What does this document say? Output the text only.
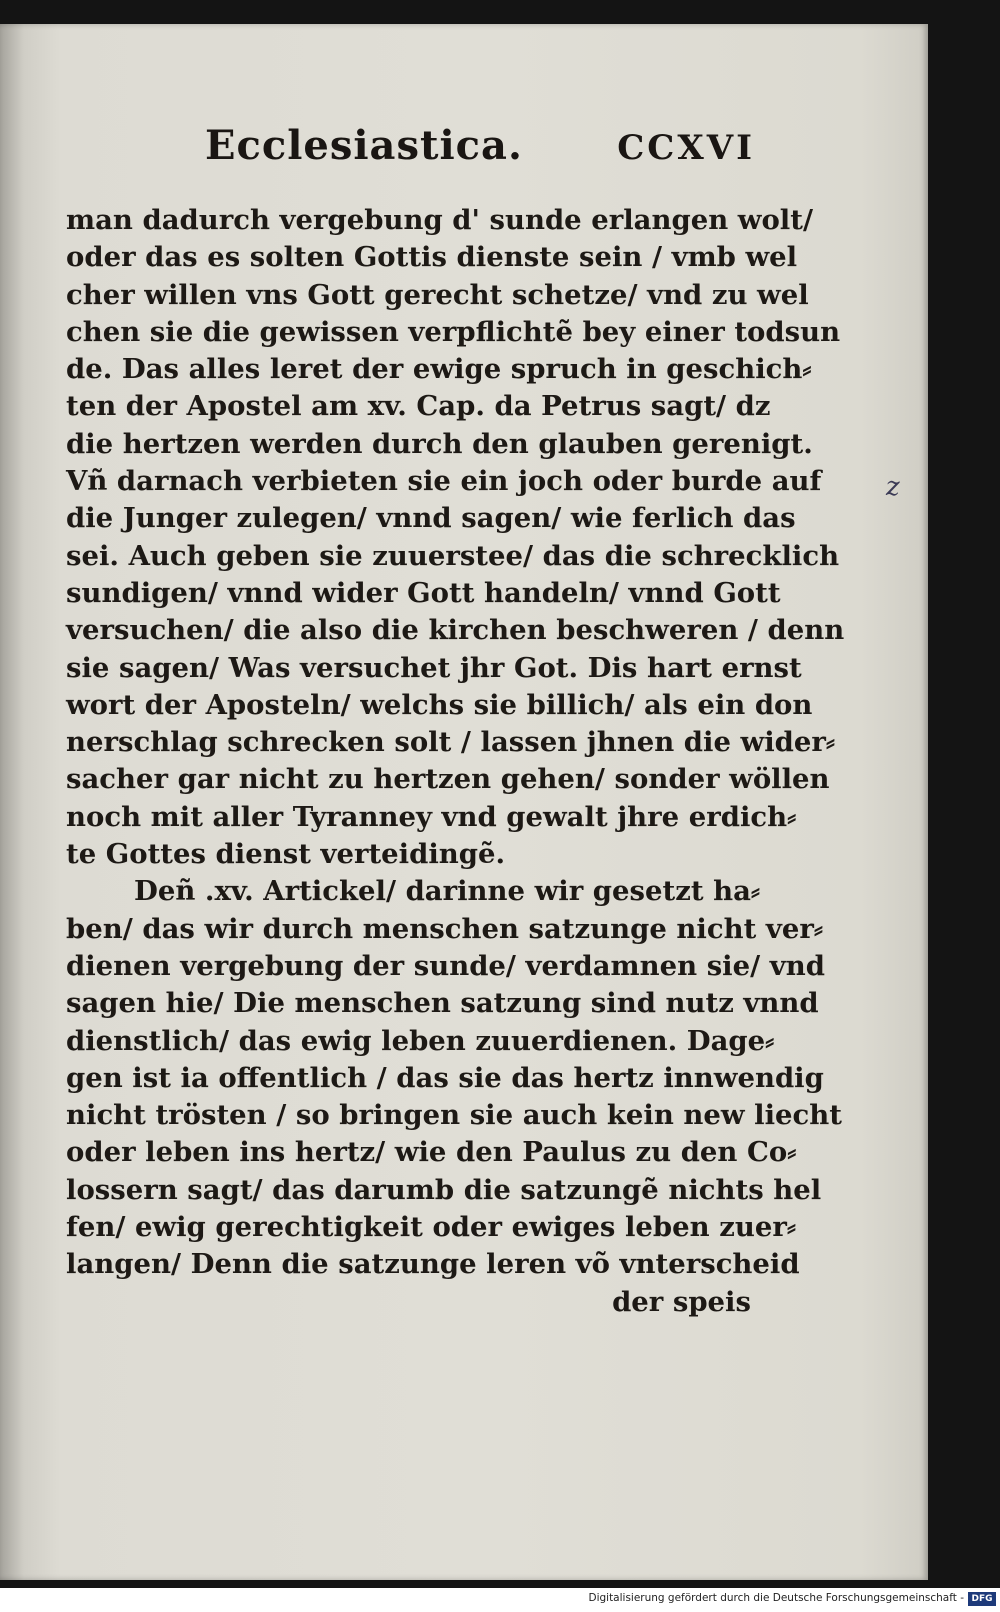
Ecclesiastica.	CCXVI
man dadurch vergebung d' sunde erlangen wolt/
oder das es solten Gottis dienste sein / vmb wel
cher willen vns Gott gerecht schetze/ vnd zu wel
chen sie die gewissen verpflichtẽ bey einer todsun
de. Das alles leret der ewige spruch in geschich⸗
ten der Apostel am xv. Cap. da Petrus sagt/ dz
die hertzen werden durch den glauben gerenigt.
Vñ darnach verbieten sie ein joch oder burde auf
die Junger zulegen/ vnnd sagen/ wie ferlich das
sei. Auch geben sie zuuerstee/ das die schrecklich
sundigen/ vnnd wider Gott handeln/ vnnd Gott
versuchen/ die also die kirchen beschweren / denn
sie sagen/ Was versuchet jhr Got. Dis hart ernst
wort der Aposteln/ welchs sie billich/ als ein don
nerschlag schrecken solt / lassen jhnen die wider⸗
sacher gar nicht zu hertzen gehen/ sonder wöllen
noch mit aller Tyranney vnd gewalt jhre erdich⸗
te Gottes dienst verteidingẽ.
Deñ .xv. Artickel/ darinne wir gesetzt ha⸗
ben/ das wir durch menschen satzunge nicht ver⸗
dienen vergebung der sunde/ verdamnen sie/ vnd
sagen hie/ Die menschen satzung sind nutz vnnd
dienstlich/ das ewig leben zuuerdienen. Dage⸗
gen ist ia offentlich / das sie das hertz innwendig
nicht trösten / so bringen sie auch kein new liecht
oder leben ins hertz/ wie den Paulus zu den Co⸗
lossern sagt/ das darumb die satzungẽ nichts hel
fen/ ewig gerechtigkeit oder ewiges leben zuer⸗
langen/ Denn die satzunge leren võ vnterscheid
der speis
z
Digitalisierung gefördert durch die Deutsche Forschungsgemeinschaft - DFG
